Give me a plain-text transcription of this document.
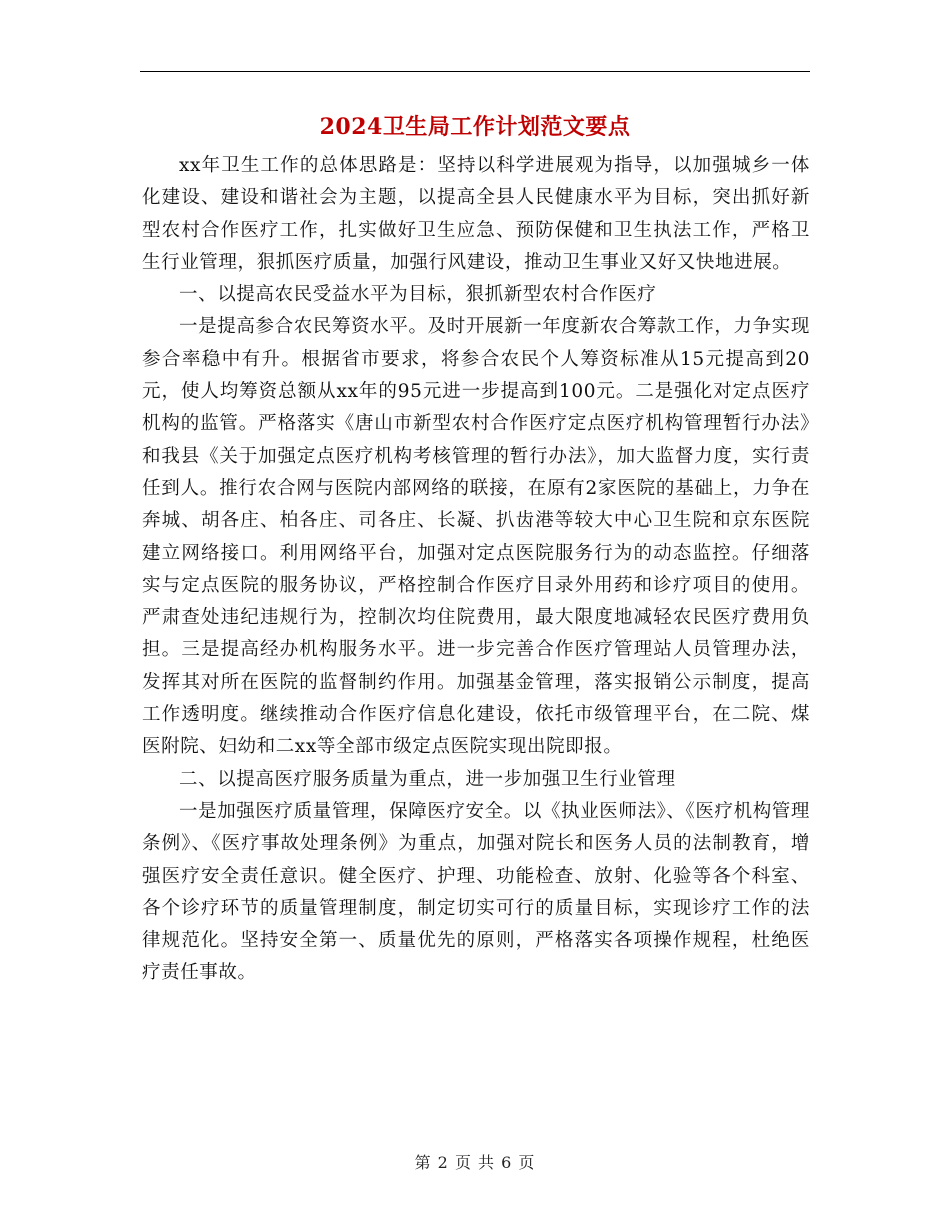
2024卫生局工作计划范文要点

xx年卫生工作的总体思路是：坚持以科学进展观为指导，以加强城乡一体化建设、建设和谐社会为主题，以提高全县人民健康水平为目标，突出抓好新型农村合作医疗工作，扎实做好卫生应急、预防保健和卫生执法工作，严格卫生行业管理，狠抓医疗质量，加强行风建设，推动卫生事业又好又快地进展。

一、以提高农民受益水平为目标，狠抓新型农村合作医疗

一是提高参合农民筹资水平。及时开展新一年度新农合筹款工作，力争实现参合率稳中有升。根据省市要求，将参合农民个人筹资标准从15元提高到20元，使人均筹资总额从xx年的95元进一步提高到100元。二是强化对定点医疗机构的监管。严格落实《唐山市新型农村合作医疗定点医疗机构管理暂行办法》和我县《关于加强定点医疗机构考核管理的暂行办法》，加大监督力度，实行责任到人。推行农合网与医院内部网络的联接，在原有2家医院的基础上，力争在奔城、胡各庄、柏各庄、司各庄、长凝、扒齿港等较大中心卫生院和京东医院建立网络接口。利用网络平台，加强对定点医院服务行为的动态监控。仔细落实与定点医院的服务协议，严格控制合作医疗目录外用药和诊疗项目的使用。严肃查处违纪违规行为，控制次均住院费用，最大限度地减轻农民医疗费用负担。三是提高经办机构服务水平。进一步完善合作医疗管理站人员管理办法，发挥其对所在医院的监督制约作用。加强基金管理，落实报销公示制度，提高工作透明度。继续推动合作医疗信息化建设，依托市级管理平台，在二院、煤医附院、妇幼和二xx等全部市级定点医院实现出院即报。

二、以提高医疗服务质量为重点，进一步加强卫生行业管理

一是加强医疗质量管理，保障医疗安全。以《执业医师法》、《医疗机构管理条例》、《医疗事故处理条例》为重点，加强对院长和医务人员的法制教育，增强医疗安全责任意识。健全医疗、护理、功能检查、放射、化验等各个科室、各个诊疗环节的质量管理制度，制定切实可行的质量目标，实现诊疗工作的法律规范化。坚持安全第一、质量优先的原则，严格落实各项操作规程，杜绝医疗责任事故。

第 2 页 共 6 页
